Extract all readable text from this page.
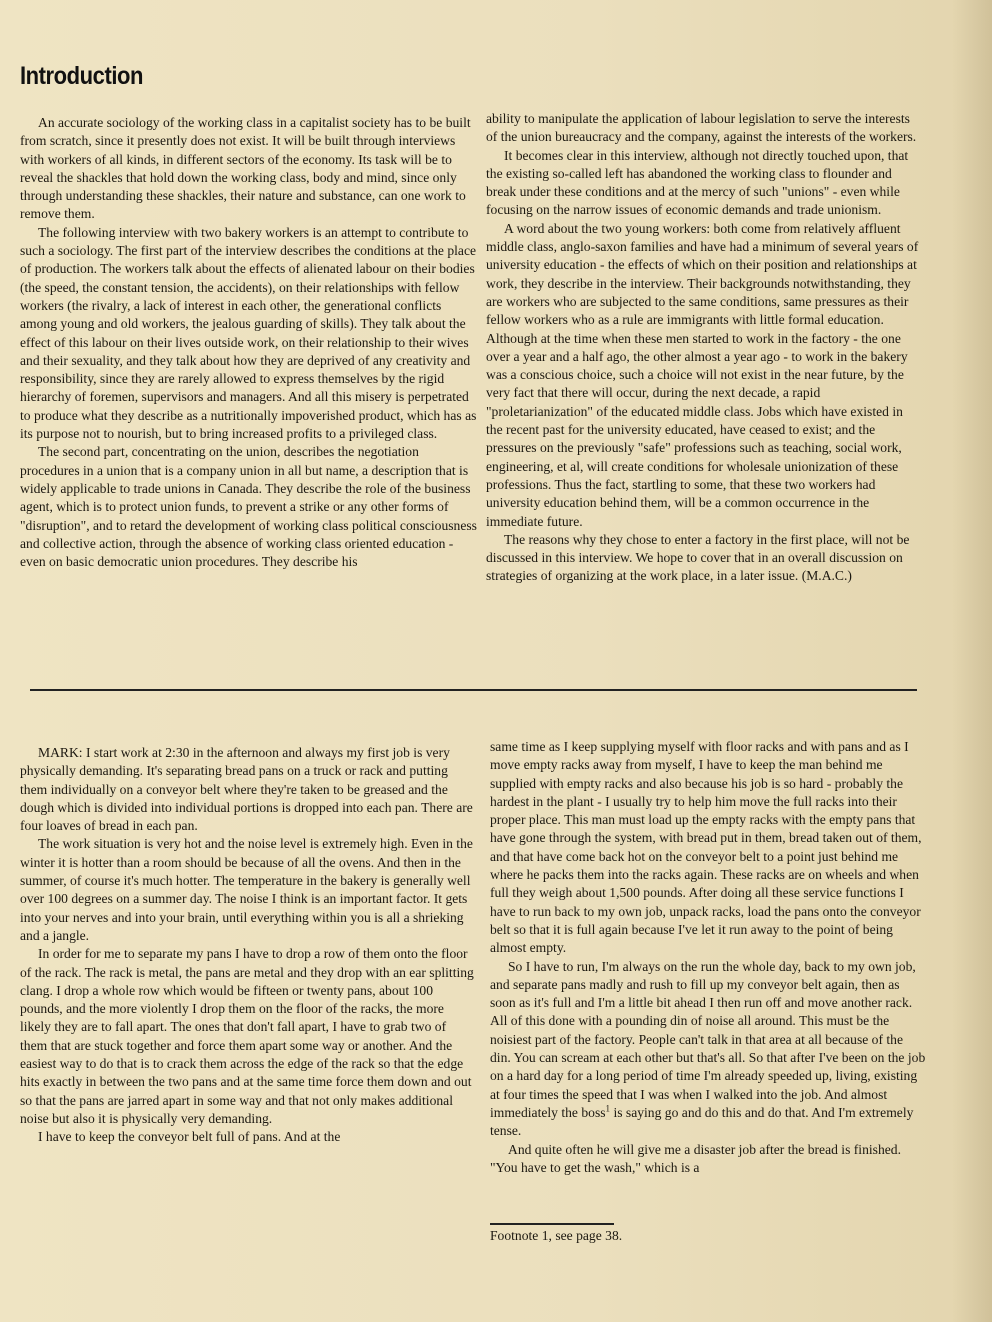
Introduction

An accurate sociology of the working class in a capitalist society has to be built from scratch, since it presently does not exist. It will be built through interviews with workers of all kinds, in different sectors of the economy. Its task will be to reveal the shackles that hold down the working class, body and mind, since only through understanding these shackles, their nature and substance, can one work to remove them.

The following interview with two bakery workers is an attempt to contribute to such a sociology. The first part of the interview describes the conditions at the place of production. The workers talk about the effects of alienated labour on their bodies (the speed, the constant tension, the accidents), on their relationships with fellow workers (the rivalry, a lack of interest in each other, the generational conflicts among young and old workers, the jealous guarding of skills). They talk about the effect of this labour on their lives outside work, on their relationship to their wives and their sexuality, and they talk about how they are deprived of any creativity and responsibility, since they are rarely allowed to express themselves by the rigid hierarchy of foremen, supervisors and managers. And all this misery is perpetrated to produce what they describe as a nutritionally impoverished product, which has as its purpose not to nourish, but to bring increased profits to a privileged class.

The second part, concentrating on the union, describes the negotiation procedures in a union that is a company union in all but name, a description that is widely applicable to trade unions in Canada. They describe the role of the business agent, which is to protect union funds, to prevent a strike or any other forms of "disruption", and to retard the development of working class political consciousness and collective action, through the absence of working class oriented education - even on basic democratic union procedures. They describe his

ability to manipulate the application of labour legislation to serve the interests of the union bureaucracy and the company, against the interests of the workers.

It becomes clear in this interview, although not directly touched upon, that the existing so-called left has abandoned the working class to flounder and break under these conditions and at the mercy of such "unions" - even while focusing on the narrow issues of economic demands and trade unionism.

A word about the two young workers: both come from relatively affluent middle class, anglo-saxon families and have had a minimum of several years of university education - the effects of which on their position and relationships at work, they describe in the interview. Their backgrounds notwithstanding, they are workers who are subjected to the same conditions, same pressures as their fellow workers who as a rule are immigrants with little formal education. Although at the time when these men started to work in the factory - the one over a year and a half ago, the other almost a year ago - to work in the bakery was a conscious choice, such a choice will not exist in the near future, by the very fact that there will occur, during the next decade, a rapid "proletarianization" of the educated middle class. Jobs which have existed in the recent past for the university educated, have ceased to exist; and the pressures on the previously "safe" professions such as teaching, social work, engineering, et al, will create conditions for wholesale unionization of these professions. Thus the fact, startling to some, that these two workers had university education behind them, will be a common occurrence in the immediate future.

The reasons why they chose to enter a factory in the first place, will not be discussed in this interview. We hope to cover that in an overall discussion on strategies of organizing at the work place, in a later issue. (M.A.C.)

MARK: I start work at 2:30 in the afternoon and always my first job is very physically demanding. It's separating bread pans on a truck or rack and putting them individually on a conveyor belt where they're taken to be greased and the dough which is divided into individual portions is dropped into each pan. There are four loaves of bread in each pan.

The work situation is very hot and the noise level is extremely high. Even in the winter it is hotter than a room should be because of all the ovens. And then in the summer, of course it's much hotter. The temperature in the bakery is generally well over 100 degrees on a summer day. The noise I think is an important factor. It gets into your nerves and into your brain, until everything within you is all a shrieking and a jangle.

In order for me to separate my pans I have to drop a row of them onto the floor of the rack. The rack is metal, the pans are metal and they drop with an ear splitting clang. I drop a whole row which would be fifteen or twenty pans, about 100 pounds, and the more violently I drop them on the floor of the racks, the more likely they are to fall apart. The ones that don't fall apart, I have to grab two of them that are stuck together and force them apart some way or another. And the easiest way to do that is to crack them across the edge of the rack so that the edge hits exactly in between the two pans and at the same time force them down and out so that the pans are jarred apart in some way and that not only makes additional noise but also it is physically very demanding.

I have to keep the conveyor belt full of pans. And at the

same time as I keep supplying myself with floor racks and with pans and as I move empty racks away from myself, I have to keep the man behind me supplied with empty racks and also because his job is so hard - probably the hardest in the plant - I usually try to help him move the full racks into their proper place. This man must load up the empty racks with the empty pans that have gone through the system, with bread put in them, bread taken out of them, and that have come back hot on the conveyor belt to a point just behind me where he packs them into the racks again. These racks are on wheels and when full they weigh about 1,500 pounds. After doing all these service functions I have to run back to my own job, unpack racks, load the pans onto the conveyor belt so that it is full again because I've let it run away to the point of being almost empty.

So I have to run, I'm always on the run the whole day, back to my own job, and separate pans madly and rush to fill up my conveyor belt again, then as soon as it's full and I'm a little bit ahead I then run off and move another rack. All of this done with a pounding din of noise all around. This must be the noisiest part of the factory. People can't talk in that area at all because of the din. You can scream at each other but that's all. So that after I've been on the job on a hard day for a long period of time I'm already speeded up, living, existing at four times the speed that I was when I walked into the job. And almost immediately the boss$^1$ is saying go and do this and do that. And I'm extremely tense.

And quite often he will give me a disaster job after the bread is finished. "You have to get the wash," which is a

Footnote 1, see page 38.
